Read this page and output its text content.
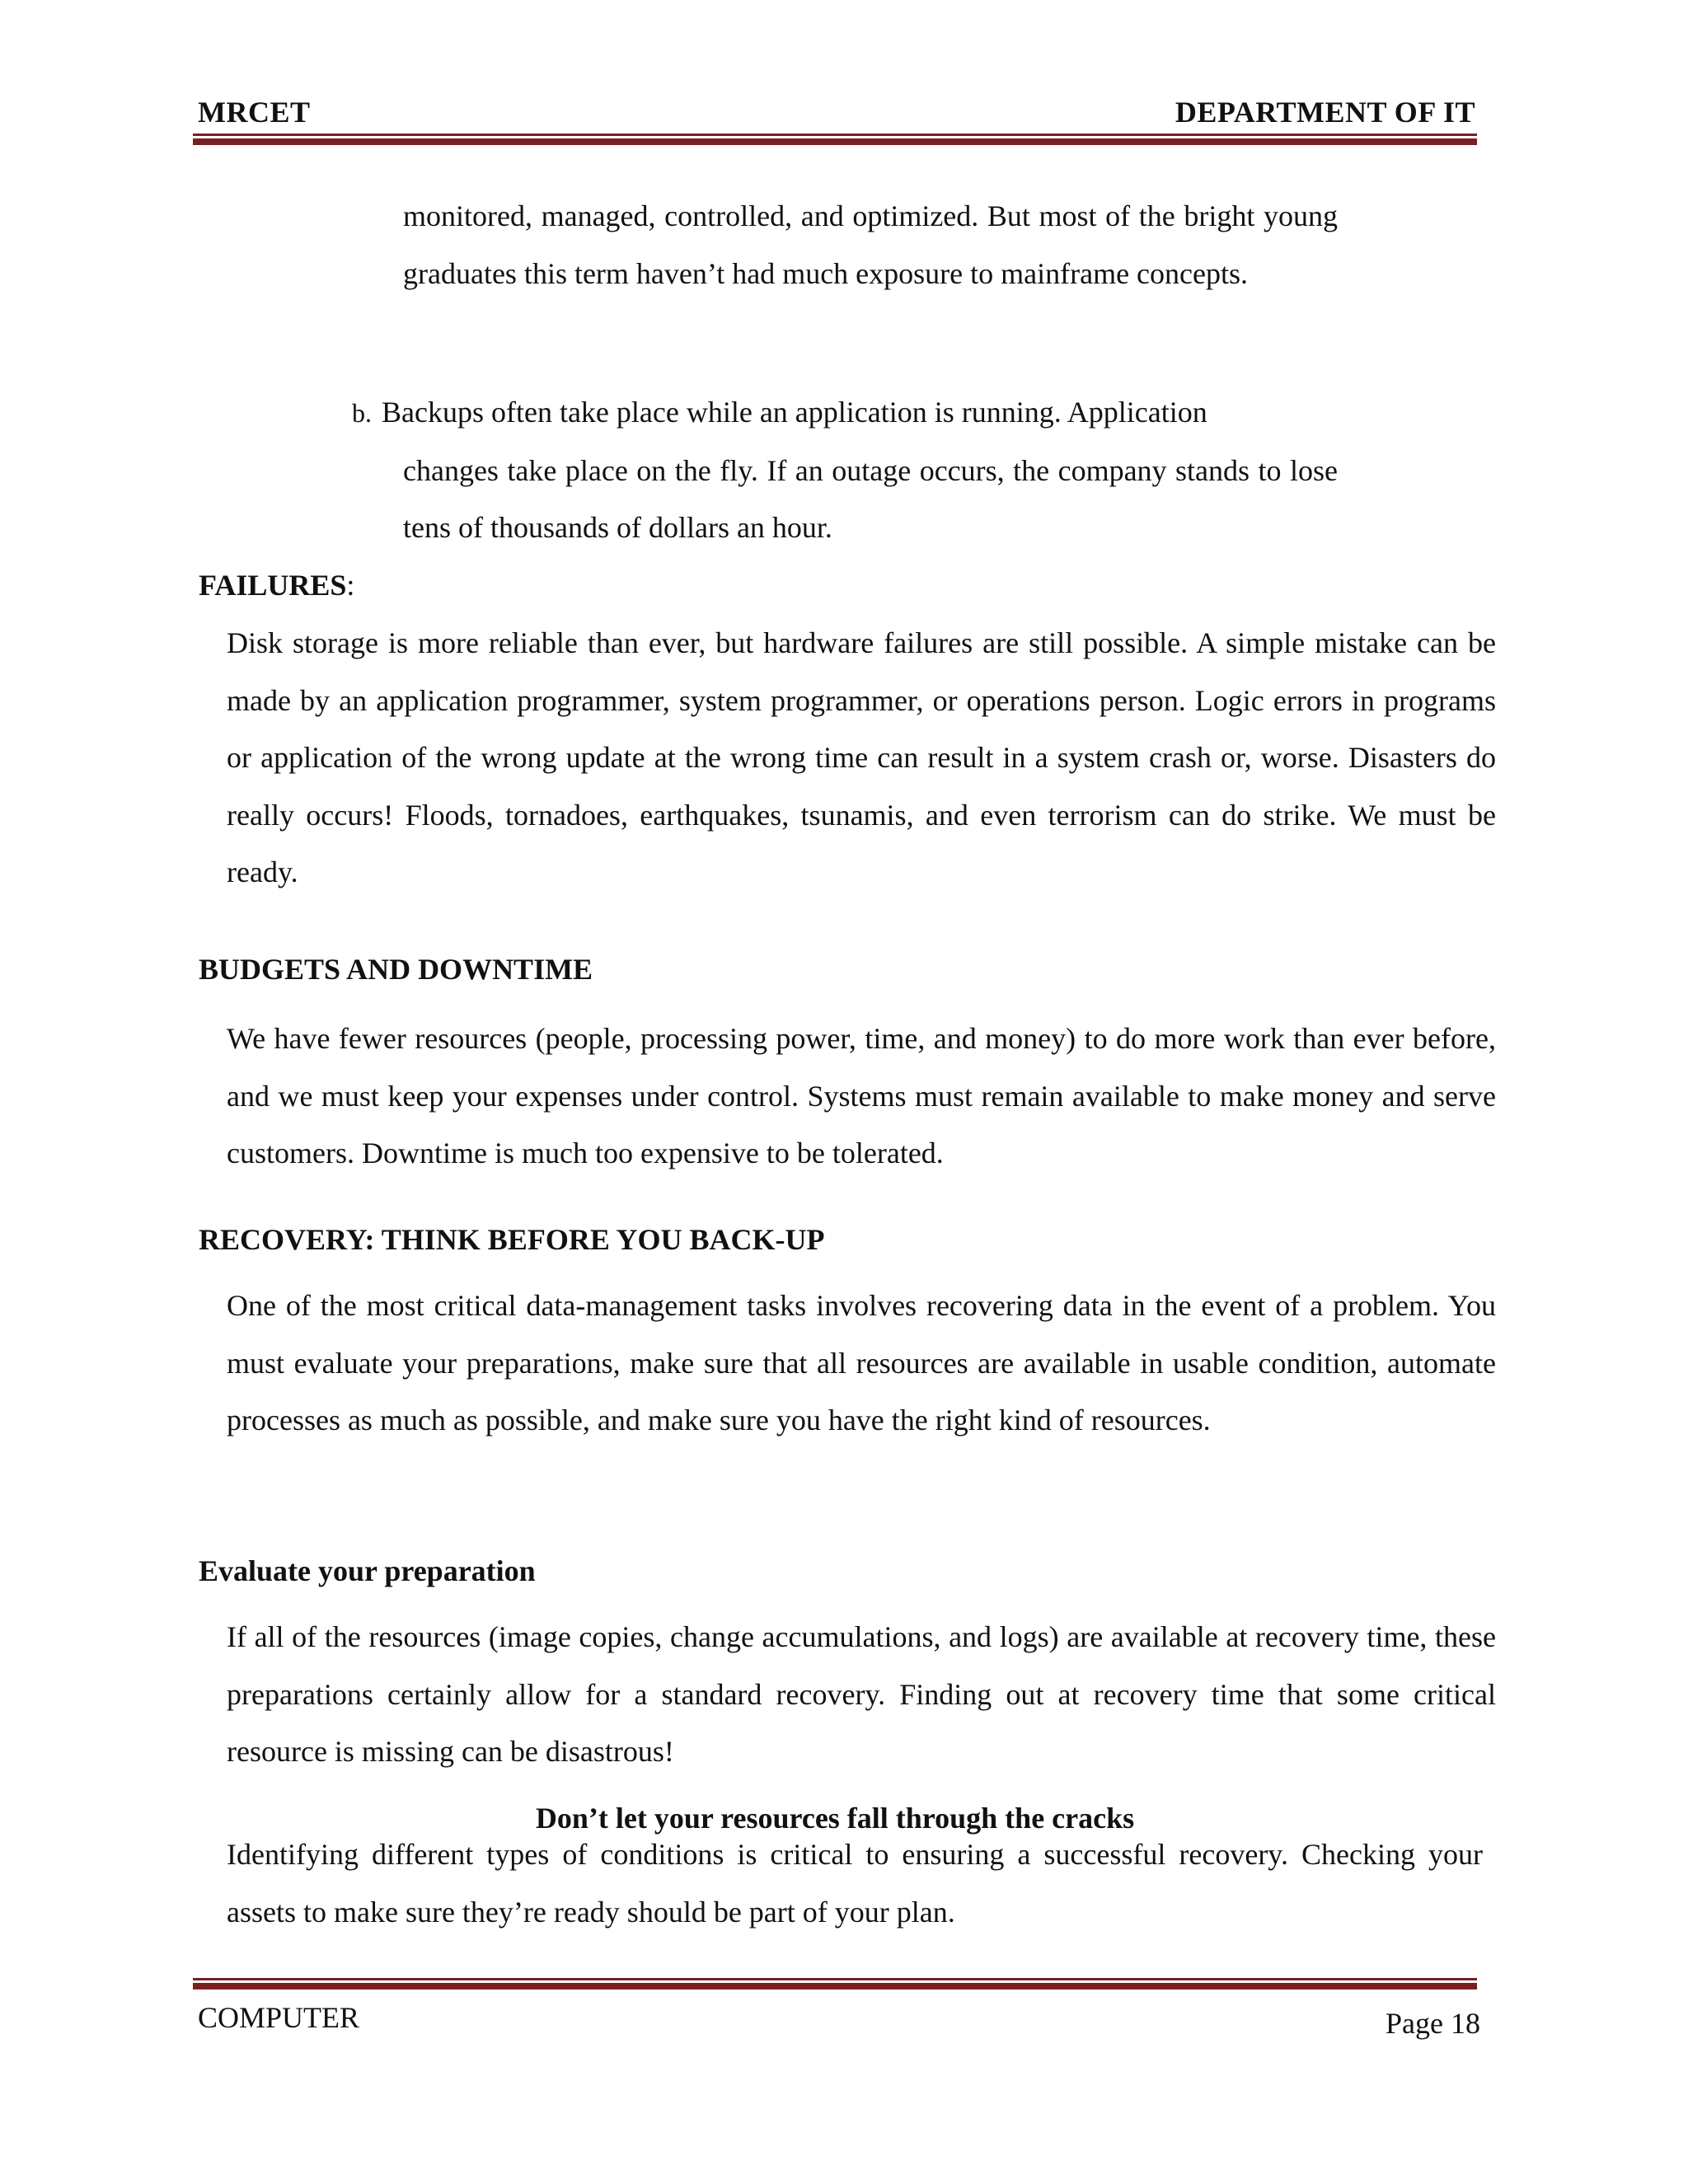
MRCET	DEPARTMENT OF IT

monitored, managed, controlled, and optimized. But most of the bright young graduates this term haven’t had much exposure to mainframe concepts.

b. Backups often take place while an application is running. Application
changes take place on the fly. If an outage occurs, the company stands to lose tens of thousands of dollars an hour.

FAILURES:

Disk storage is more reliable than ever, but hardware failures are still possible. A simple mistake can be made by an application programmer, system programmer, or operations person. Logic errors in programs or application of the wrong update at the wrong time can result in a system crash or, worse. Disasters do really occurs! Floods, tornadoes, earthquakes, tsunamis, and even terrorism can do strike. We must be ready.

BUDGETS AND DOWNTIME

We have fewer resources (people, processing power, time, and money) to do more work than ever before, and we must keep your expenses under control. Systems must remain available to make money and serve customers. Downtime is much too expensive to be tolerated.

RECOVERY: THINK BEFORE YOU BACK-UP

One of the most critical data-management tasks involves recovering data in the event of a problem. You must evaluate your preparations, make sure that all resources are available in usable condition, automate processes as much as possible, and make sure you have the right kind of resources.

Evaluate your preparation

If all of the resources (image copies, change accumulations, and logs) are available at recovery time, these preparations certainly allow for a standard recovery. Finding out at recovery time that some critical resource is missing can be disastrous!

Don’t let your resources fall through the cracks

Identifying different types of conditions is critical to ensuring a successful recovery. Checking your assets to make sure they’re ready should be part of your plan.

COMPUTER	Page 18
